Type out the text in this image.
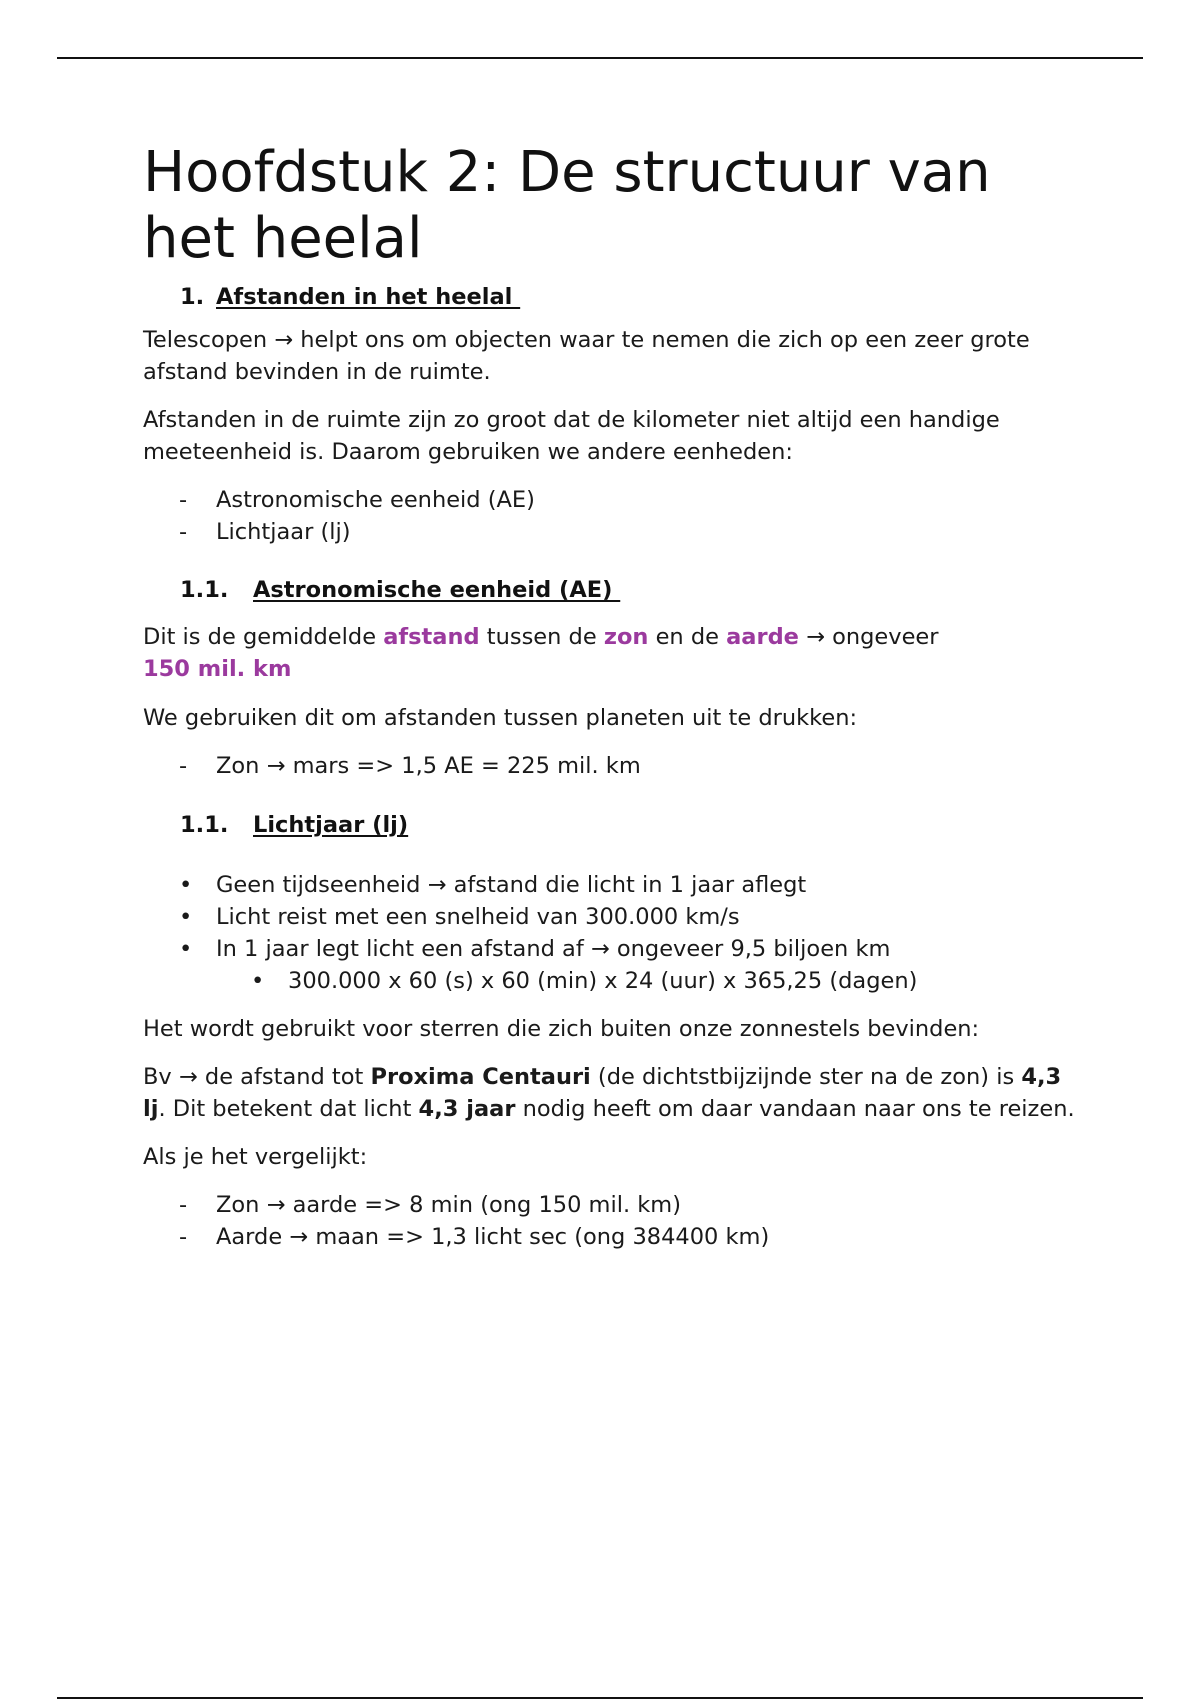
Hoofdstuk 2: De structuur van
het heelal
1. Afstanden in het heelal

Telescopen → helpt ons om objecten waar te nemen die zich op een zeer grote afstand bevinden in de ruimte.

Afstanden in de ruimte zijn zo groot dat de kilometer niet altijd een handige meeteenheid is. Daarom gebruiken we andere eenheden:

- Astronomische eenheid (AE)
- Lichtjaar (lj)
1.1.	Astronomische eenheid (AE)

Dit is de gemiddelde afstand tussen de zon en de aarde → ongeveer
150 mil. km

We gebruiken dit om afstanden tussen planeten uit te drukken:

- Zon → mars => 1,5 AE = 225 mil. km
1.1.	Lichtjaar (lj)
• Geen tijdseenheid → afstand die licht in 1 jaar aflegt
• Licht reist met een snelheid van 300.000 km/s
• In 1 jaar legt licht een afstand af → ongeveer 9,5 biljoen km
• 300.000 x 60 (s) x 60 (min) x 24 (uur) x 365,25 (dagen)

Het wordt gebruikt voor sterren die zich buiten onze zonnestels bevinden:

Bv → de afstand tot Proxima Centauri (de dichtstbijzijnde ster na de zon) is 4,3 lj. Dit betekent dat licht 4,3 jaar nodig heeft om daar vandaan naar ons te reizen.

Als je het vergelijkt:

- Zon → aarde => 8 min (ong 150 mil. km)
- Aarde → maan => 1,3 licht sec (ong 384400 km)
